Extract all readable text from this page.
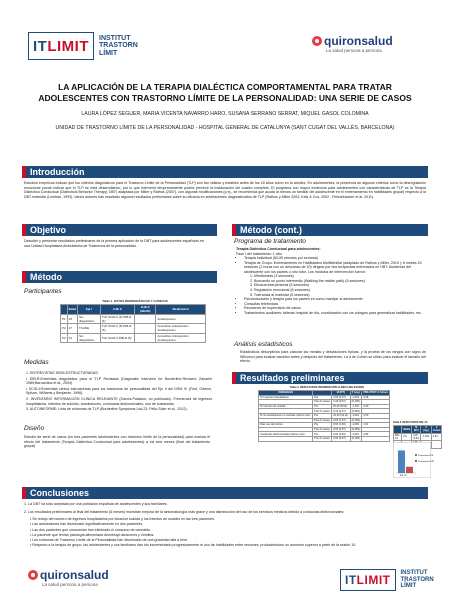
IT LIMIT INSTITUT
TRASTORN
LÍMIT
quironsalud
La salud persona a persona
LA APLICACIÓN DE LA TERAPIA DIALÉCTICA COMPORTAMENTAL PARA TRATAR
ADOLESCENTES CON TRASTORNO LÍMITE DE LA PERSONALIDAD: UNA SERIE DE CASOS
LAURA LÓPEZ SEGUER, MARIA VICENTA NAVARRO HARO, SUSANA SERRANO SERRAT, MIQUEL GASOL COLOMINA
UNIDAD DE TRASTORNO LÍMITE DE LA PERSONALIDAD - HOSPITAL GENERAL DE CATALUNYA (SANT CUGAT DEL VALLÈS, BARCELONA)
Introducción
Estudios empíricos indican que los criterios diagnósticos para el Trastorno Límite de la Personalidad (TLP) son tan válidos y estables antes de los 18 años como en la adultez. En adolescentes, la presencia de algunos criterios como la desregulación emocional puede indicar que el TLP se está desarrollando, por lo que intervenir tempranamente podría prevenir la instauración del cuadro completo. El programa con mayor evidencia para adolescentes con características de TLP es la Terapia Dialéctica Conductual (Dialectical Behavior Therapy; DBT) adaptada por Miller y Rathus (2007), con algunas modificaciones (p.ej., se recomienda que acuda al menos un familiar del adolescente en el entrenamiento en habilidades grupal) respecto a la DBT estándar (Linehan, 1993). Varios autores han resaltado algunos resultados preliminares sobre su eficacia en adolescentes diagnosticados de TLP (Rathus y Miller 2002; Katz & Cox, 2002 ; Fleischhacker et al. 2011).
Objetivo
Describir y presentar resultados preliminares de la primera aplicación de la DBT para adolescentes españoles en una Unidad Hospitalaria Ambulatoria de Trastornos de la personalidad.
Método
Participantes
Tabla 1. DATOS DEMOGRÁFICOS Y CLÍNICOS
	Edad	Eje I	EJE II	EJE II (SEAD)	Medicación
P1	15	Sin diagnóstico	TLP SCID-II (4) DIB-R (4)		Antidepresivo
P2	17	TCANE	TLP SCID-II (5) DIB-R (6)		Ansiolítico Antipsicótico Antidepresivo
P3	14	Sin diagnóstico	TLP SCID-II DIB-R (5)		Ansiolítico Antipsicótico Antidepresivo
Medidas
1. ENTREVISTAS SEMI-ESTRUCTURADAS:
• DIB-R:Entrevista diagnóstica para el TLP Revisada (Diagnostic Interview for Borderline-Revised; Zanarini 1989;Barrachina et al., 2004)
• SCID-II:Entrevista clínica estructurada para los trastornos de personalidad del Eje II del DSM IV (First, Gibbon, Spitzer, Williams y Benjamin. 1996).
2. INVENTARIO INFORMACIÓN CLÍNICA RELEVANTE (García-Palacios, no publicado). Frecuencia de ingresos hospitalarios, intentos de suicidio, autolesiones, conductas disfuncionales, uso de sustancias.
3. AUTOINFORME: Lista de síntomas de TLP (Borderline Symptoms List-23; Feliu-Soler et al., 2012).
Diseño
Estudio de serie de casos (en tres pacientes adolescentes con trastorno límite de la personalidad) para evaluar el efecto del tratamiento (Terapia Dialéctica Conductual para adolescentes) a los seis meses (final del tratamiento grupal).
Método (cont.)
Programa de tratamiento
Terapia Dialéctica Conductual para adolescentes:
Fase I del tratamiento: 1 año
• Terapia individual (60-90 minutos por semana)
• Terapia de Grupo: Entrenamiento en Habilidades Multifamiliar (adaptado de Rathus y Miller, 2015 ): 6 meses 24 sesiones (2 horas con un descanso de 10) dirigido por dos terapeutas entrenados en DBT. Asistencia del adolescente con los padres u otro tutor. Los módulos de intervención fueron:
1. Mindfulness (3 sesiones)
2. Buscando un punto intermedio (Walking the middle path) (5 sesiones)
3. Eficacia interpersonal (5 sesiones)
4. Regulación emocional (6 sesiones)
5. Tolerancia al malestar (5 sesiones)
• Psicoeducación y terapia para los padres en como manejar al adolescente
• Consultas telefónicas
• Reuniones de supervisión de casos
• Tratamientos auxiliares: tallerás hospital de día, coordinación con los colegios para generalizar habilidades, etc.
Análisis estadísticos
Estadísticos descriptivos para calcular las medias y desviaciones típicas, y la prueba de los rangos con signo de Wilcoxon para evaluar cambios antes y después del tratamiento. La d de Cohen se utilizó para evaluar el tamaño del efecto.
Resultados preliminares
Tabla 2. RESULTADOS INFORMACIÓN CLÍNICA RELEVANTE
VARIABLES		M (DT)	Z (sig.)	PRE-POST d Cohen
Nº Ingresos hospitalarios	Pre	2,66 (0,57)	-1,604	3,28
	Post 6 meses	0,33 (0,57)	(0,109)	
Nº intentos de suicidio	Pre	15,00 (8,51)	-1,732	3,30
	Post 6 meses	0,33 (0,57)	(0,083)	
Nº de autolesiones no suicidas (último mes)	Pre	24,00 (34,11)	-1,604	1,00
	Post 6 meses	0,66 (1,57)	(0,109)	
Días uso de tóxicos	Pre	9,66 (4,66)	-1,069	1,61
	Post 6 meses	0,66 (0,57)	(0,285)	
Conductas disfuncionales (último mes)	Pre	9,00 (3,60)	-1,604	2,89
	Post 6 meses	0,66 (0,57)	(0,109)	
Tabla 3. RESULTADOS BSL-23
	Media	M (DT)	Z (sig.)	d Cohen
BSL-23	Pre	3,22 (0,61)	-1,604	3,84

Puntuaciones PRE
Puntuaciones POST
BSL-23
Conclusiones
1. La DBT ha sido aceptada por una población española de adolescentes y sus familiares.
2. Los resultados preliminares al final del tratamiento (6 meses) muestran mejoría de la sintomatología más grave y una disminución del uso de los servicios médicos debido a conductas disfuncionales:
• Se redujo del número de ingresos hospitalarios por ideación suicida y los intentos de suicidio en las tres pacientes.
• Las autolesiones han disminuido significativamente en dos pacientes.
• Las dos pacientes que consumían han eliminado el consumo de cannabis.
• La paciente que tenían patología alimentaria disminuyó atracones y vómitos.
• Los síntomas de Trastorno Límite de la Personalidad han disminuido de una gravedad alta a leve.
• Respecto a la terapia de grupo, las adolescentes y sus familiares han ido incrementado progresivamente el uso de habilidades entre sesiones, produciéndose un aumento superior a partir de la sesión 10.
quironsalud
La salud persona a persona	IT LIMIT INSTITUT
TRASTORN
LÍMIT
